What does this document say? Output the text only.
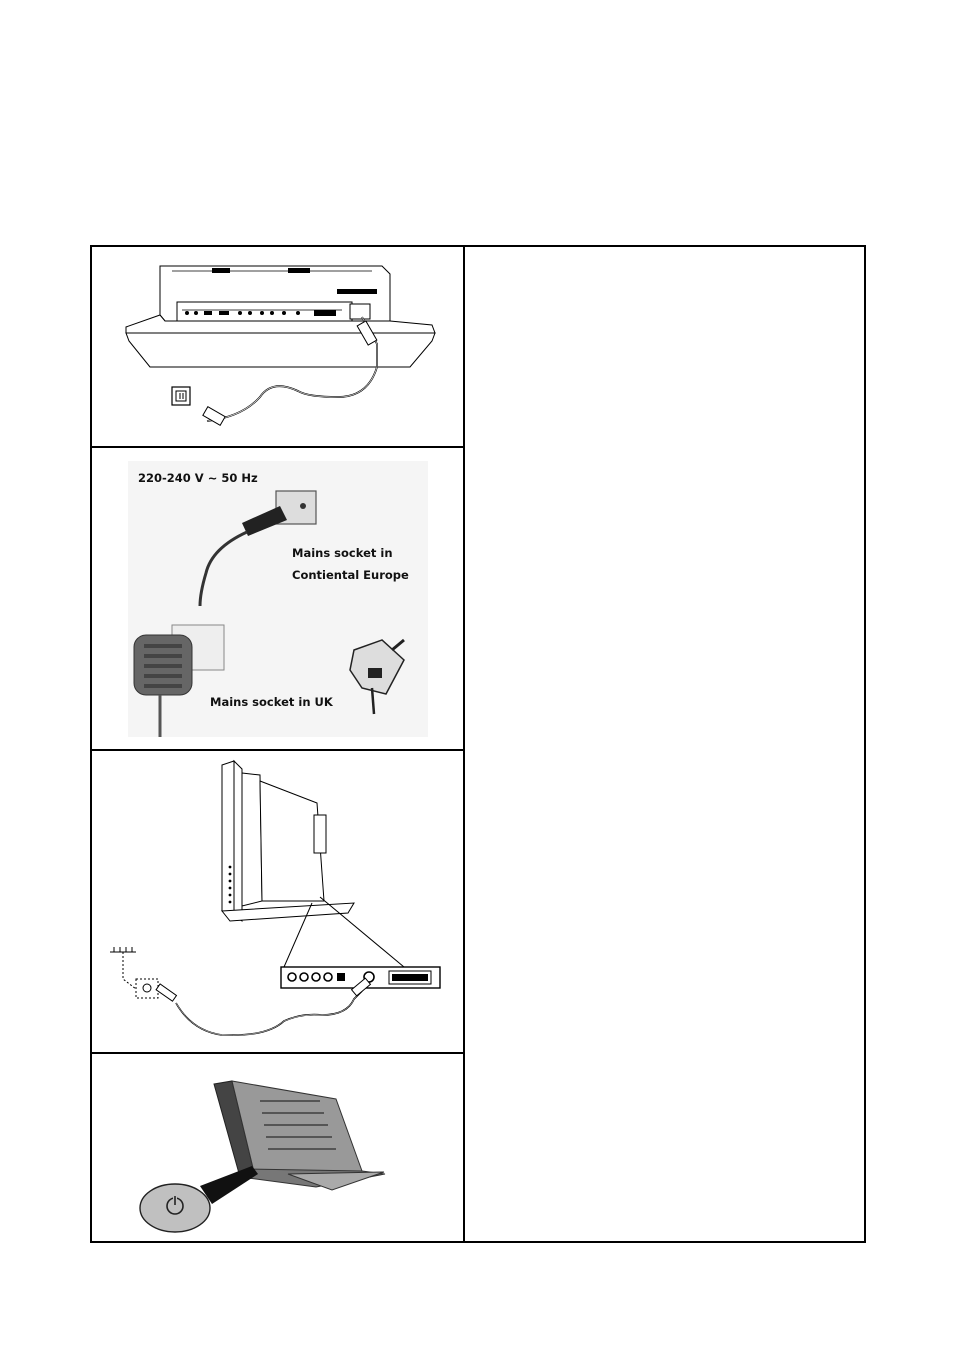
220-240 V ~ 50 Hz
Mains socket in
Contiental Europe
Mains socket in UK
